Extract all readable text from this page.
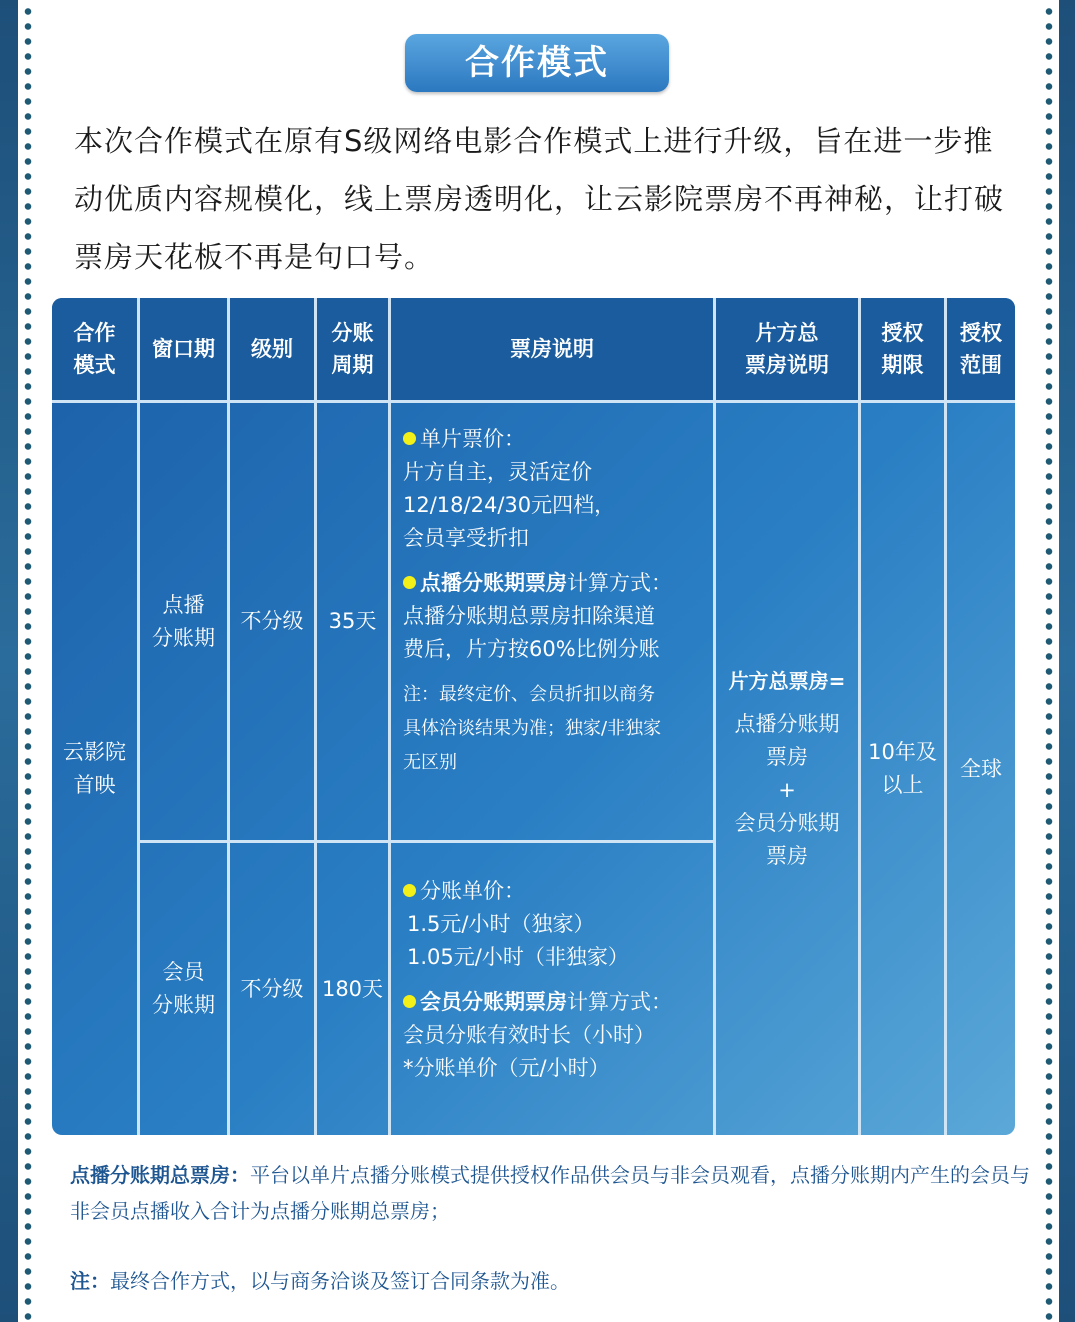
合作模式
本次合作模式在原有S级网络电影合作模式上进行升级，旨在进一步推动优质内容规模化，线上票房透明化，让云影院票房不再神秘，让打破票房天花板不再是句口号。
合作
模式
窗口期	级别
分账
周期
票房说明
片方总
票房说明
授权
期限
授权
范围
云影院
首映
点播
分账期
不分级	35天

单片票价：

片方自主，灵活定价
12/18/24/30元四档，
会员享受折扣

点播分账期票房计算方式：

点播分账期总票房扣除渠道
费后，片方按60%比例分账

注：最终定价、会员折扣以商务
具体洽谈结果为准；独家/非独家
无区别

会员
分账期
不分级 180天

分账单价：

1.5元/小时（独家）
1.05元/小时（非独家）

会员分账期票房计算方式：

会员分账有效时长（小时）
*分账单价（元/小时）

片方总票房=
点播分账期
票房
+
会员分账期
票房
10年及
以上
全球
点播分账期总票房：平台以单片点播分账模式提供授权作品供会员与非会员观看，点播分账期内产生的会员与非会员点播收入合计为点播分账期总票房；
注：最终合作方式，以与商务洽谈及签订合同条款为准。
